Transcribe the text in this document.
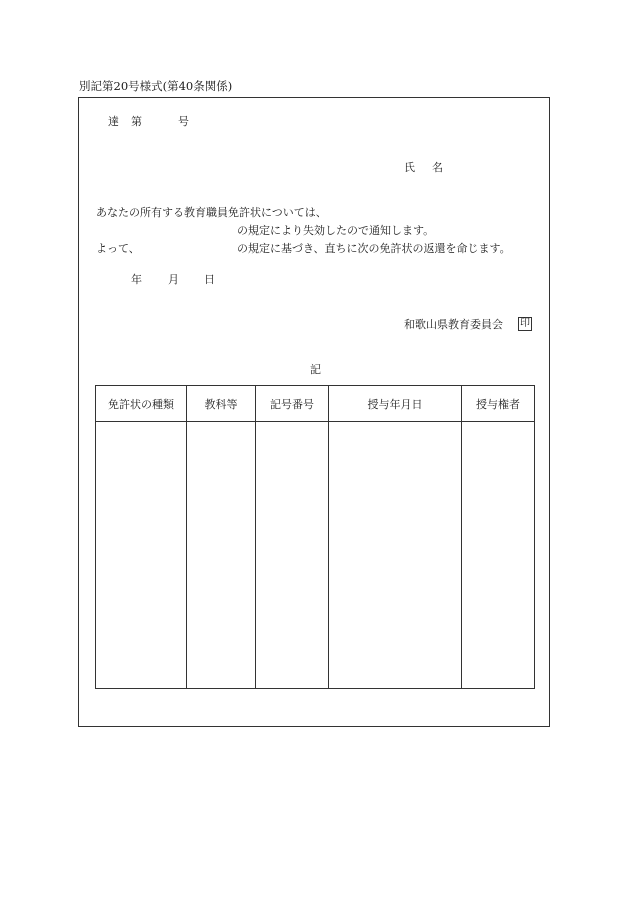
別記第20号様式(第40条関係)
達 第	号
氏　名
あなたの所有する教育職員免許状については、
の規定により失効したので通知します。
よって、	の規定に基づき、直ちに次の免許状の返還を命じます。
年 月 日
和歌山県教育委員会 印
記
免許状の種類	教科等	記号番号	授与年月日	授与権者
